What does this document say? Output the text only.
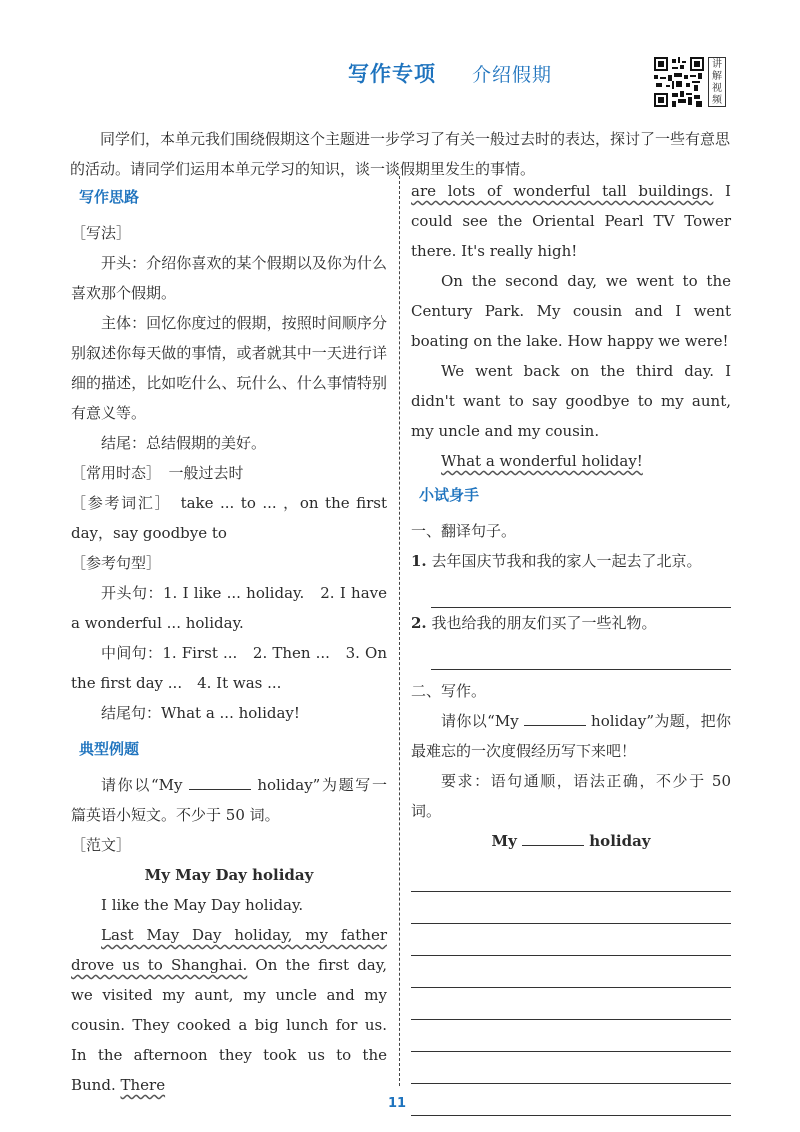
写作专项 介绍假期	讲解视频

同学们，本单元我们围绕假期这个主题进一步学习了有关一般过去时的表达，探讨了一些有意思的活动。请同学们运用本单元学习的知识，谈一谈假期里发生的事情。

写作思路

［写法］

开头：介绍你喜欢的某个假期以及你为什么喜欢那个假期。

主体：回忆你度过的假期，按照时间顺序分别叙述你每天做的事情，或者就其中一天进行详细的描述，比如吃什么、玩什么、什么事情特别有意义等。

结尾：总结假期的美好。

［常用时态］　一般过去时

［参考词汇］　take ... to ... ，on the first day，say goodbye to

［参考句型］

开头句：1. I like ... holiday.　2. I have a wonderful ... holiday.

中间句：1. First ...　2. Then ...　3. On the first day ...　4. It was ...

结尾句：What a ... holiday!

典型例题

请你以“My	holiday”为题写一篇英语小短文。不少于 50 词。

［范文］

My May Day holiday

I like the May Day holiday.

Last May Day holiday, my father drove us to Shanghai. On the first day, we visited my aunt, my uncle and my cousin. They cooked a big lunch for us. In the afternoon they took us to the Bund. There

are lots of wonderful tall buildings. I could see the Oriental Pearl TV Tower there. It's really high!

On the second day, we went to the Century Park. My cousin and I went boating on the lake. How happy we were!

We went back on the third day. I didn't want to say goodbye to my aunt, my uncle and my cousin.

What a wonderful holiday!

小试身手

一、翻译句子。

1. 去年国庆节我和我的家人一起去了北京。

2. 我也给我的朋友们买了一些礼物。

二、写作。

请你以“My	holiday”为题，把你最难忘的一次度假经历写下来吧！

要求：语句通顺，语法正确，不少于 50 词。

My	holiday

11
